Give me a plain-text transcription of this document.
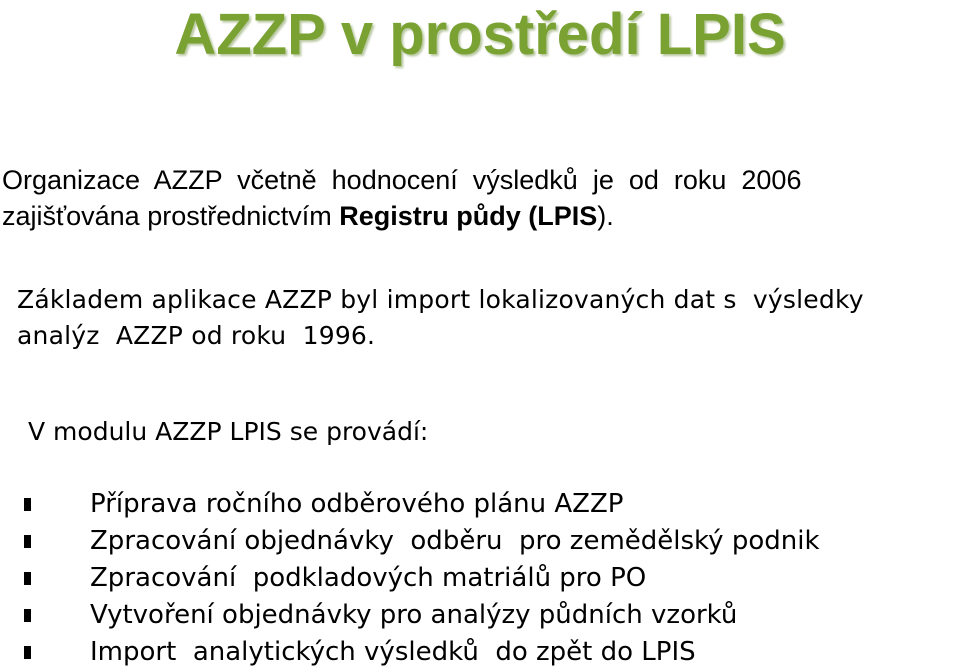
AZZP v prostředí LPIS
Organizace  AZZP  včetně  hodnocení  výsledků  je  od  roku  2006
zajišťována prostřednictvím Registru půdy (LPIS).
Základem aplikace AZZP byl import lokalizovaných dat s  výsledky
analýz  AZZP od roku  1996.
V modulu AZZP LPIS se provádí:
Příprava ročního odběrového plánu AZZP
Zpracování objednávky  odběru  pro zemědělský podnik
Zpracování  podkladových matriálů pro PO
Vytvoření objednávky pro analýzy půdních vzorků
Import  analytických výsledků  do zpět do LPIS
